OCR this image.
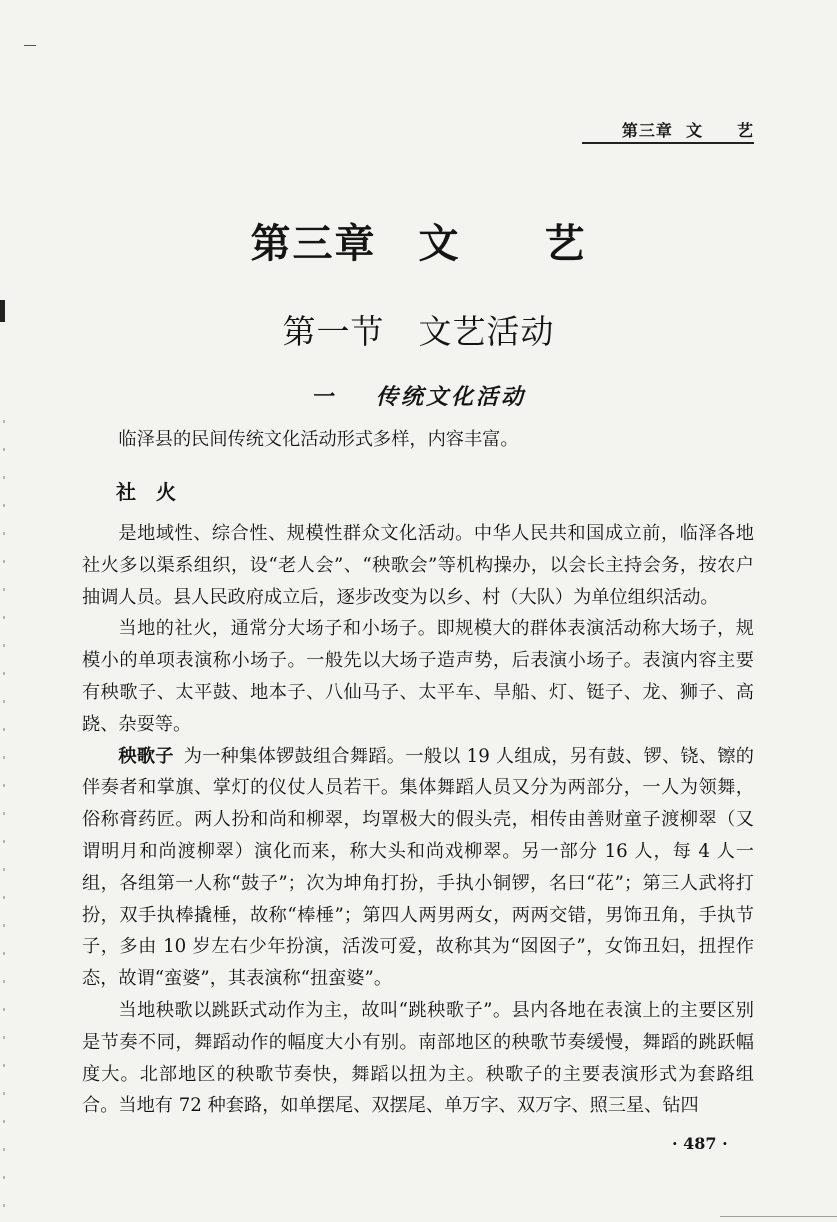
第三章 文　　艺
第三章　文　　艺
第一节　文艺活动
一 传统文化活动

临泽县的民间传统文化活动形式多样，内容丰富。

社火

是地域性、综合性、规模性群众文化活动。中华人民共和国成立前，临泽各地社火多以渠系组织，设“老人会”、“秧歌会”等机构操办，以会长主持会务，按农户抽调人员。县人民政府成立后，逐步改变为以乡、村（大队）为单位组织活动。

当地的社火，通常分大场子和小场子。即规模大的群体表演活动称大场子，规模小的单项表演称小场子。一般先以大场子造声势，后表演小场子。表演内容主要有秧歌子、太平鼓、地本子、八仙马子、太平车、旱船、灯、铤子、龙、狮子、高跷、杂耍等。

秧歌子 为一种集体锣鼓组合舞蹈。一般以 19 人组成，另有鼓、锣、铙、镲的伴奏者和掌旗、掌灯的仪仗人员若干。集体舞蹈人员又分为两部分，一人为领舞，俗称膏药匠。两人扮和尚和柳翠，均罩极大的假头壳，相传由善财童子渡柳翠（又谓明月和尚渡柳翠）演化而来，称大头和尚戏柳翠。另一部分 16 人，每 4 人一组，各组第一人称“鼓子”；次为坤角打扮，手执小铜锣，名曰“花”；第三人武将打扮，双手执棒撬棰，故称“棒棰”；第四人两男两女，两两交错，男饰丑角，手执节子，多由 10 岁左右少年扮演，活泼可爱，故称其为“囡囡子”，女饰丑妇，扭捏作态，故谓“蛮婆”，其表演称“扭蛮婆”。

当地秧歌以跳跃式动作为主，故叫“跳秧歌子”。县内各地在表演上的主要区别是节奏不同，舞蹈动作的幅度大小有别。南部地区的秧歌节奏缓慢，舞蹈的跳跃幅度大。北部地区的秧歌节奏快，舞蹈以扭为主。秧歌子的主要表演形式为套路组合。当地有 72 种套路，如单摆尾、双摆尾、单万字、双万字、照三星、钻四

· 487 ·
